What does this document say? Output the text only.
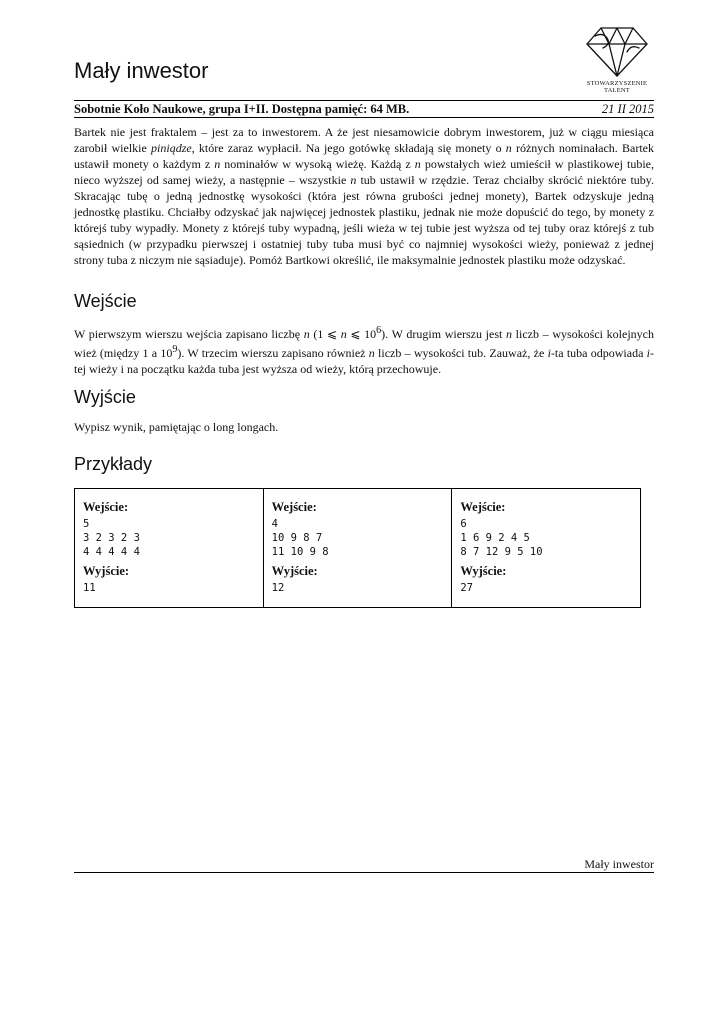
STOWARZYSZENIE
TALENT
Mały inwestor
Sobotnie Koło Naukowe, grupa I+II. Dostępna pamięć: 64 MB.	21 II 2015

Bartek nie jest fraktalem – jest za to inwestorem. A że jest niesamowicie dobrym inwestorem, już w ciągu miesiąca zarobił wielkie piniądze, które zaraz wypłacił. Na jego gotówkę składają się monety o n różnych nominałach. Bartek ustawił monety o każdym z n nominałów w wysoką wieżę. Każdą z n powstałych wież umieścił w plastikowej tubie, nieco wyższej od samej wieży, a następnie – wszystkie n tub ustawił w rzędzie. Teraz chciałby skrócić niektóre tuby. Skracając tubę o jedną jednostkę wysokości (która jest równa grubości jednej monety), Bartek odzyskuje jedną jednostkę plastiku. Chciałby odzyskać jak najwięcej jednostek plastiku, jednak nie może dopuścić do tego, by monety z którejś tuby wypadły. Monety z którejś tuby wypadną, jeśli wieża w tej tubie jest wyższa od tej tuby oraz którejś z tub sąsiednich (w przypadku pierwszej i ostatniej tuby tuba musi być co najmniej wysokości wieży, ponieważ z jednej strony tuba z niczym nie sąsiaduje). Pomóż Bartkowi określić, ile maksymalnie jednostek plastiku może odzyskać.

Wejście

W pierwszym wierszu wejścia zapisano liczbę n (1 ⩽ n ⩽ $10^6$). W drugim wierszu jest n liczb – wysokości kolejnych wież (między 1 a $10^9$). W trzecim wierszu zapisano również n liczb – wysokości tub. Zauważ, że i-ta tuba odpowiada i-tej wieży i na początku każda tuba jest wyższa od wieży, którą przechowuje.

Wyjście

Wypisz wynik, pamiętając o long longach.

Przykłady
Wejście:
5
3 2 3 2 3
4 4 4 4 4
Wyjście:
11
Wejście:
4
10 9 8 7
11 10 9 8
Wyjście:
12
Wejście:
6
1 6 9 2 4 5
8 7 12 9 5 10
Wyjście:
27
Mały inwestor
